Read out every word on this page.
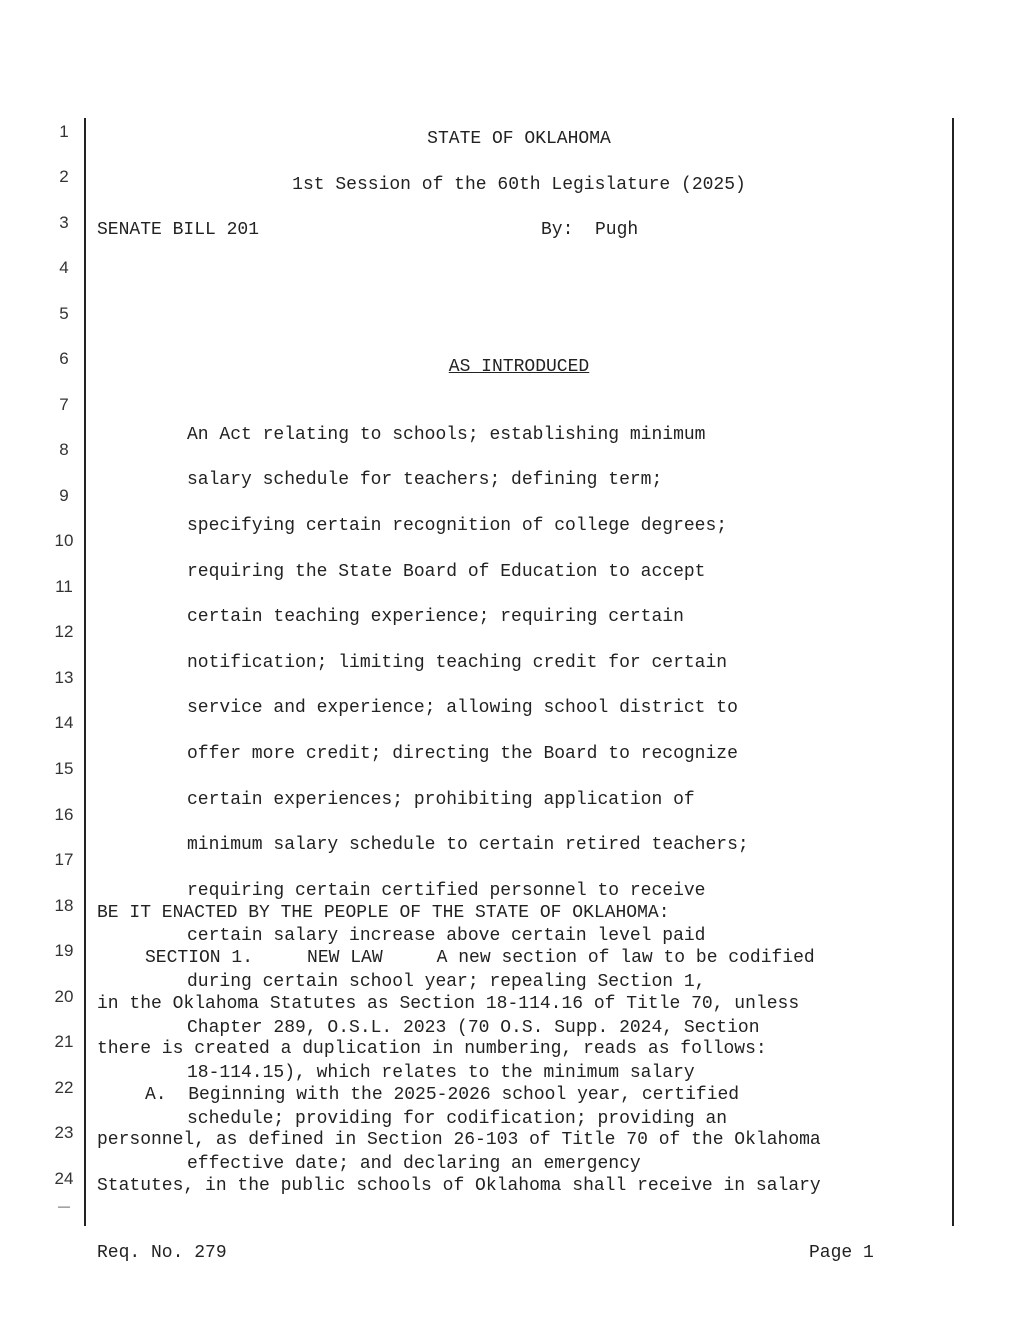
1
2
3
4
5
6
7
8
9
10
11
12
13
14
15
16
17
18
19
20
21
22
23
24
—
STATE OF OKLAHOMA
1st Session of the 60th Legislature (2025)
SENATE BILL 201	By:  Pugh
AS INTRODUCED

An Act relating to schools; establishing minimum

salary schedule for teachers; defining term;

specifying certain recognition of college degrees;

requiring the State Board of Education to accept

certain teaching experience; requiring certain

notification; limiting teaching credit for certain

service and experience; allowing school district to

offer more credit; directing the Board to recognize

certain experiences; prohibiting application of

minimum salary schedule to certain retired teachers;

requiring certain certified personnel to receive

certain salary increase above certain level paid

during certain school year; repealing Section 1,

Chapter 289, O.S.L. 2023 (70 O.S. Supp. 2024, Section

18-114.15), which relates to the minimum salary

schedule; providing for codification; providing an

effective date; and declaring an emergency

BE IT ENACTED BY THE PEOPLE OF THE STATE OF OKLAHOMA:
SECTION 1.     NEW LAW     A new section of law to be codified
in the Oklahoma Statutes as Section 18-114.16 of Title 70, unless
there is created a duplication in numbering, reads as follows:
A.  Beginning with the 2025-2026 school year, certified
personnel, as defined in Section 26-103 of Title 70 of the Oklahoma
Statutes, in the public schools of Oklahoma shall receive in salary
Req. No. 279	Page 1
